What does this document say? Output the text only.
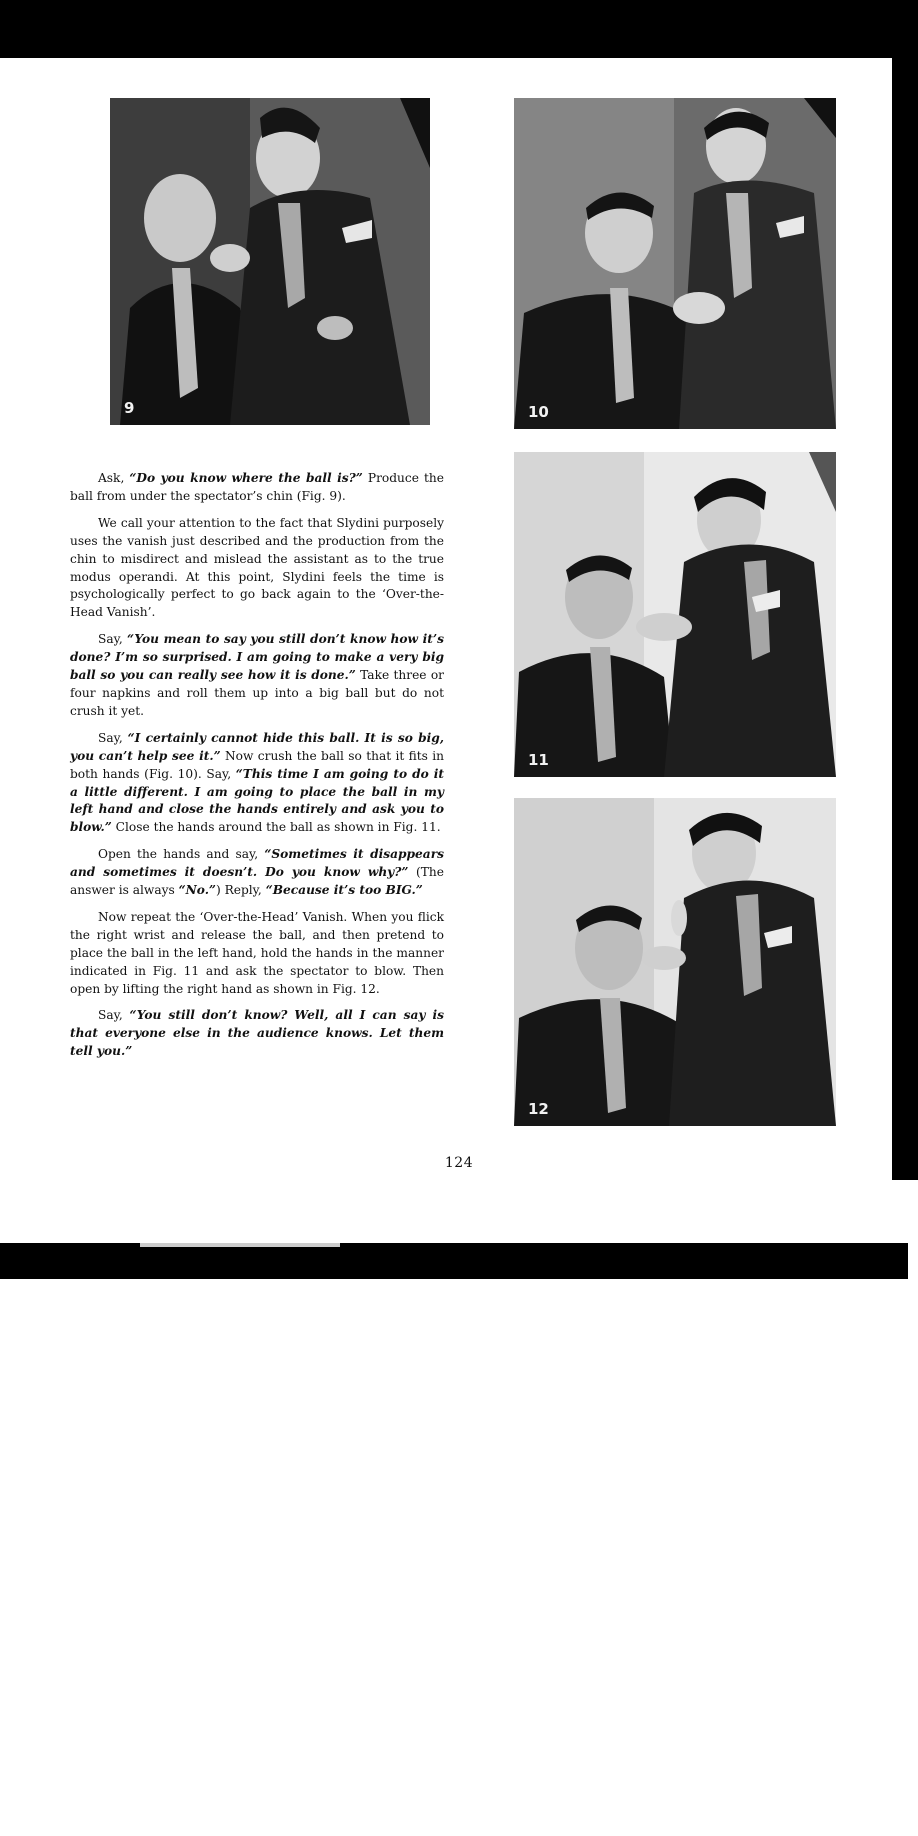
9	10
11
12

Ask, “Do you know where the ball is?” Produce the ball from under the spectator’s chin (Fig. 9).

We call your attention to the fact that Slydini purposely uses the vanish just described and the production from the chin to misdirect and mislead the assistant as to the true modus operandi. At this point, Slydini feels the time is psychologically perfect to go back again to the ‘Over-the-Head Vanish’.

Say, “You mean to say you still don’t know how it’s done? I’m so surprised. I am going to make a very big ball so you can really see how it is done.” Take three or four napkins and roll them up into a big ball but do not crush it yet.

Say, “I certainly cannot hide this ball. It is so big, you can’t help see it.” Now crush the ball so that it fits in both hands (Fig. 10). Say, “This time I am going to do it a little different. I am going to place the ball in my left hand and close the hands entirely and ask you to blow.” Close the hands around the ball as shown in Fig. 11.

Open the hands and say, “Sometimes it disappears and sometimes it doesn’t. Do you know why?” (The answer is always “No.”) Reply, “Because it’s too BIG.”

Now repeat the ‘Over-the-Head’ Vanish. When you flick the right wrist and release the ball, and then pretend to place the ball in the left hand, hold the hands in the manner indicated in Fig. 11 and ask the spectator to blow. Then open by lifting the right hand as shown in Fig. 12.

Say, “You still don’t know? Well, all I can say is that everyone else in the audience knows. Let them tell you.”

124
